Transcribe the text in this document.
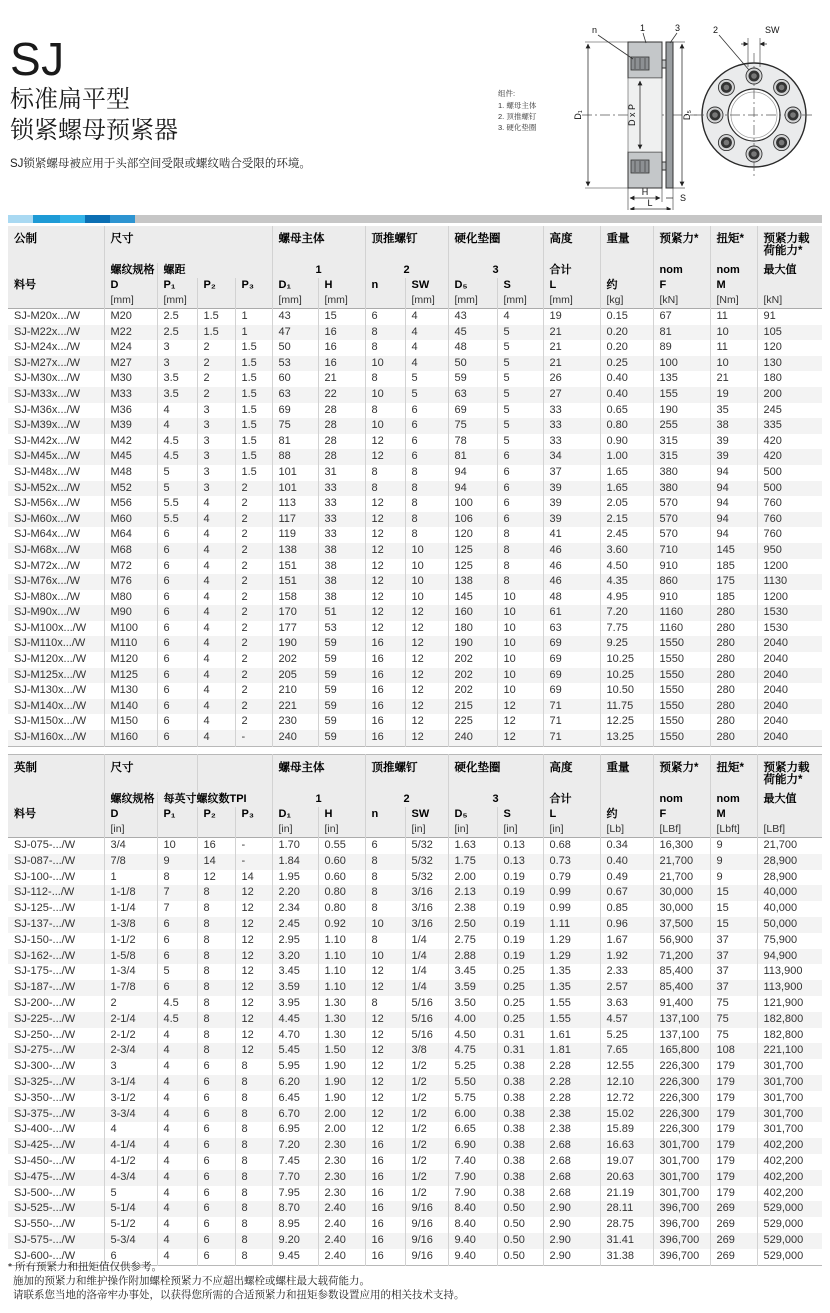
SJ
标准扁平型
锁紧螺母预紧器
SJ锁紧螺母被应用于头部空间受限或螺纹啮合受限的环境。
组件:
1. 螺母主体
2. 顶推螺钉
3. 硬化垫圈
D₁	D x P	D₅
n	1	3
H
S
L
2	SW
公制	尺寸				螺母主体		顶推螺钉		硬化垫圈		高度	重量	预紧力*	扭矩*	预紧力载荷能力*
	螺纹规格	螺距			1		2		3		合计		nom	nom	最大值
料号	D	P₁	P₂	P₃	D₁	H	n	SW	D₅	S	L	约	F	M	
	[mm]	[mm]			[mm]	[mm]		[mm]	[mm]	[mm]	[mm]	[kg]	[kN]	[Nm]	[kN]
SJ-M20x.../W	M20	2.5	1.5	1	43	15	6	4	43	4	19	0.15	67	11	91
SJ-M22x.../W	M22	2.5	1.5	1	47	16	8	4	45	5	21	0.20	81	10	105
SJ-M24x.../W	M24	3	2	1.5	50	16	8	4	48	5	21	0.20	89	11	120
SJ-M27x.../W	M27	3	2	1.5	53	16	10	4	50	5	21	0.25	100	10	130
SJ-M30x.../W	M30	3.5	2	1.5	60	21	8	5	59	5	26	0.40	135	21	180
SJ-M33x.../W	M33	3.5	2	1.5	63	22	10	5	63	5	27	0.40	155	19	200
SJ-M36x.../W	M36	4	3	1.5	69	28	8	6	69	5	33	0.65	190	35	245
SJ-M39x.../W	M39	4	3	1.5	75	28	10	6	75	5	33	0.80	255	38	335
SJ-M42x.../W	M42	4.5	3	1.5	81	28	12	6	78	5	33	0.90	315	39	420
SJ-M45x.../W	M45	4.5	3	1.5	88	28	12	6	81	6	34	1.00	315	39	420
SJ-M48x.../W	M48	5	3	1.5	101	31	8	8	94	6	37	1.65	380	94	500
SJ-M52x.../W	M52	5	3	2	101	33	8	8	94	6	39	1.65	380	94	500
SJ-M56x.../W	M56	5.5	4	2	113	33	12	8	100	6	39	2.05	570	94	760
SJ-M60x.../W	M60	5.5	4	2	117	33	12	8	106	6	39	2.15	570	94	760
SJ-M64x.../W	M64	6	4	2	119	33	12	8	120	8	41	2.45	570	94	760
SJ-M68x.../W	M68	6	4	2	138	38	12	10	125	8	46	3.60	710	145	950
SJ-M72x.../W	M72	6	4	2	151	38	12	10	125	8	46	4.50	910	185	1200
SJ-M76x.../W	M76	6	4	2	151	38	12	10	138	8	46	4.35	860	175	1130
SJ-M80x.../W	M80	6	4	2	158	38	12	10	145	10	48	4.95	910	185	1200
SJ-M90x.../W	M90	6	4	2	170	51	12	12	160	10	61	7.20	1160	280	1530
SJ-M100x.../W	M100	6	4	2	177	53	12	12	180	10	63	7.75	1160	280	1530
SJ-M110x.../W	M110	6	4	2	190	59	16	12	190	10	69	9.25	1550	280	2040
SJ-M120x.../W	M120	6	4	2	202	59	16	12	202	10	69	10.25	1550	280	2040
SJ-M125x.../W	M125	6	4	2	205	59	16	12	202	10	69	10.25	1550	280	2040
SJ-M130x.../W	M130	6	4	2	210	59	16	12	202	10	69	10.50	1550	280	2040
SJ-M140x.../W	M140	6	4	2	221	59	16	12	215	12	71	11.75	1550	280	2040
SJ-M150x.../W	M150	6	4	2	230	59	16	12	225	12	71	12.25	1550	280	2040
SJ-M160x.../W	M160	6	4	-	240	59	16	12	240	12	71	13.25	1550	280	2040
英制	尺寸				螺母主体		顶推螺钉		硬化垫圈		高度	重量	预紧力*	扭矩*	预紧力载荷能力*
	螺纹规格	每英寸螺纹数TPI			1		2		3		合计		nom	nom	最大值
料号	D	P₁	P₂	P₃	D₁	H	n	SW	D₅	S	L	约	F	M	
	[in]				[in]	[in]		[in]	[in]	[in]	[in]	[Lb]	[LBf]	[Lbft]	[LBf]
SJ-075-.../W	3/4	10	16	-	1.70	0.55	6	5/32	1.63	0.13	0.68	0.34	16,300	9	21,700
SJ-087-.../W	7/8	9	14	-	1.84	0.60	8	5/32	1.75	0.13	0.73	0.40	21,700	9	28,900
SJ-100-.../W	1	8	12	14	1.95	0.60	8	5/32	2.00	0.19	0.79	0.49	21,700	9	28,900
SJ-112-.../W	1-1/8	7	8	12	2.20	0.80	8	3/16	2.13	0.19	0.99	0.67	30,000	15	40,000
SJ-125-.../W	1-1/4	7	8	12	2.34	0.80	8	3/16	2.38	0.19	0.99	0.85	30,000	15	40,000
SJ-137-.../W	1-3/8	6	8	12	2.45	0.92	10	3/16	2.50	0.19	1.11	0.96	37,500	15	50,000
SJ-150-.../W	1-1/2	6	8	12	2.95	1.10	8	1/4	2.75	0.19	1.29	1.67	56,900	37	75,900
SJ-162-.../W	1-5/8	6	8	12	3.20	1.10	10	1/4	2.88	0.19	1.29	1.92	71,200	37	94,900
SJ-175-.../W	1-3/4	5	8	12	3.45	1.10	12	1/4	3.45	0.25	1.35	2.33	85,400	37	113,900
SJ-187-.../W	1-7/8	6	8	12	3.59	1.10	12	1/4	3.59	0.25	1.35	2.57	85,400	37	113,900
SJ-200-.../W	2	4.5	8	12	3.95	1.30	8	5/16	3.50	0.25	1.55	3.63	91,400	75	121,900
SJ-225-.../W	2-1/4	4.5	8	12	4.45	1.30	12	5/16	4.00	0.25	1.55	4.57	137,100	75	182,800
SJ-250-.../W	2-1/2	4	8	12	4.70	1.30	12	5/16	4.50	0.31	1.61	5.25	137,100	75	182,800
SJ-275-.../W	2-3/4	4	8	12	5.45	1.50	12	3/8	4.75	0.31	1.81	7.65	165,800	108	221,100
SJ-300-.../W	3	4	6	8	5.95	1.90	12	1/2	5.25	0.38	2.28	12.55	226,300	179	301,700
SJ-325-.../W	3-1/4	4	6	8	6.20	1.90	12	1/2	5.50	0.38	2.28	12.10	226,300	179	301,700
SJ-350-.../W	3-1/2	4	6	8	6.45	1.90	12	1/2	5.75	0.38	2.28	12.72	226,300	179	301,700
SJ-375-.../W	3-3/4	4	6	8	6.70	2.00	12	1/2	6.00	0.38	2.38	15.02	226,300	179	301,700
SJ-400-.../W	4	4	6	8	6.95	2.00	12	1/2	6.65	0.38	2.38	15.89	226,300	179	301,700
SJ-425-.../W	4-1/4	4	6	8	7.20	2.30	16	1/2	6.90	0.38	2.68	16.63	301,700	179	402,200
SJ-450-.../W	4-1/2	4	6	8	7.45	2.30	16	1/2	7.40	0.38	2.68	19.07	301,700	179	402,200
SJ-475-.../W	4-3/4	4	6	8	7.70	2.30	16	1/2	7.90	0.38	2.68	20.63	301,700	179	402,200
SJ-500-.../W	5	4	6	8	7.95	2.30	16	1/2	7.90	0.38	2.68	21.19	301,700	179	402,200
SJ-525-.../W	5-1/4	4	6	8	8.70	2.40	16	9/16	8.40	0.50	2.90	28.11	396,700	269	529,000
SJ-550-.../W	5-1/2	4	6	8	8.95	2.40	16	9/16	8.40	0.50	2.90	28.75	396,700	269	529,000
SJ-575-.../W	5-3/4	4	6	8	9.20	2.40	16	9/16	9.40	0.50	2.90	31.41	396,700	269	529,000
SJ-600-.../W	6	4	6	8	9.45	2.40	16	9/16	9.40	0.50	2.90	31.38	396,700	269	529,000
* 所有预紧力和扭矩值仅供参考。
施加的预紧力和维护操作附加螺栓预紧力不应超出螺栓或螺柱最大载荷能力。
请联系您当地的洛帝牢办事处，以获得您所需的合适预紧力和扭矩参数设置应用的相关技术支持。
